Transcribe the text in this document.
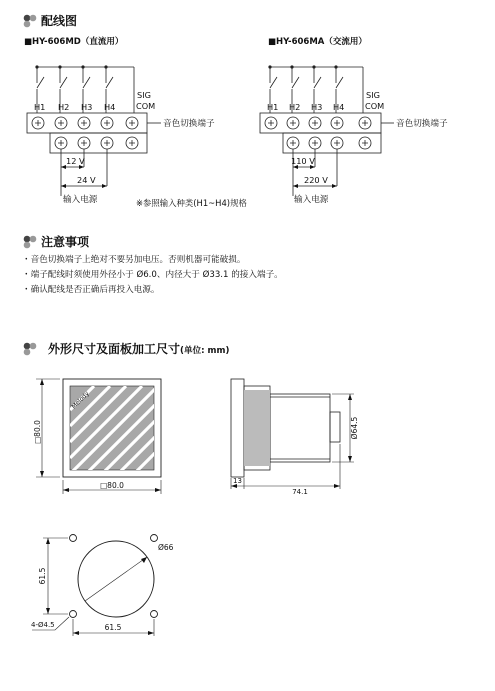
配线图
■HY-606MD（直流用）	■HY-606MA（交流用）
H1 H2 H3 H4
SIG
COM
音色切换端子
12 V
24 V
输入电源
H1 H2 H3 H4
SIG
COM
音色切换端子
110 V
220 V
输入电源
※参照输入种类(H1~H4)规格
注意事项
・音色切换端子上绝对不要另加电压。否则机器可能破损。
・端子配线时须使用外径小于 Ø6.0、内径大于 Ø33.1 的接入端子。
・确认配线是否正确后再投入电源。
外形尺寸及面板加工尺寸(单位: mm)
Melody
□80.0
□80.0
Ø64.5
13
74.1
61.5
61.5
Ø66
4-Ø4.5
